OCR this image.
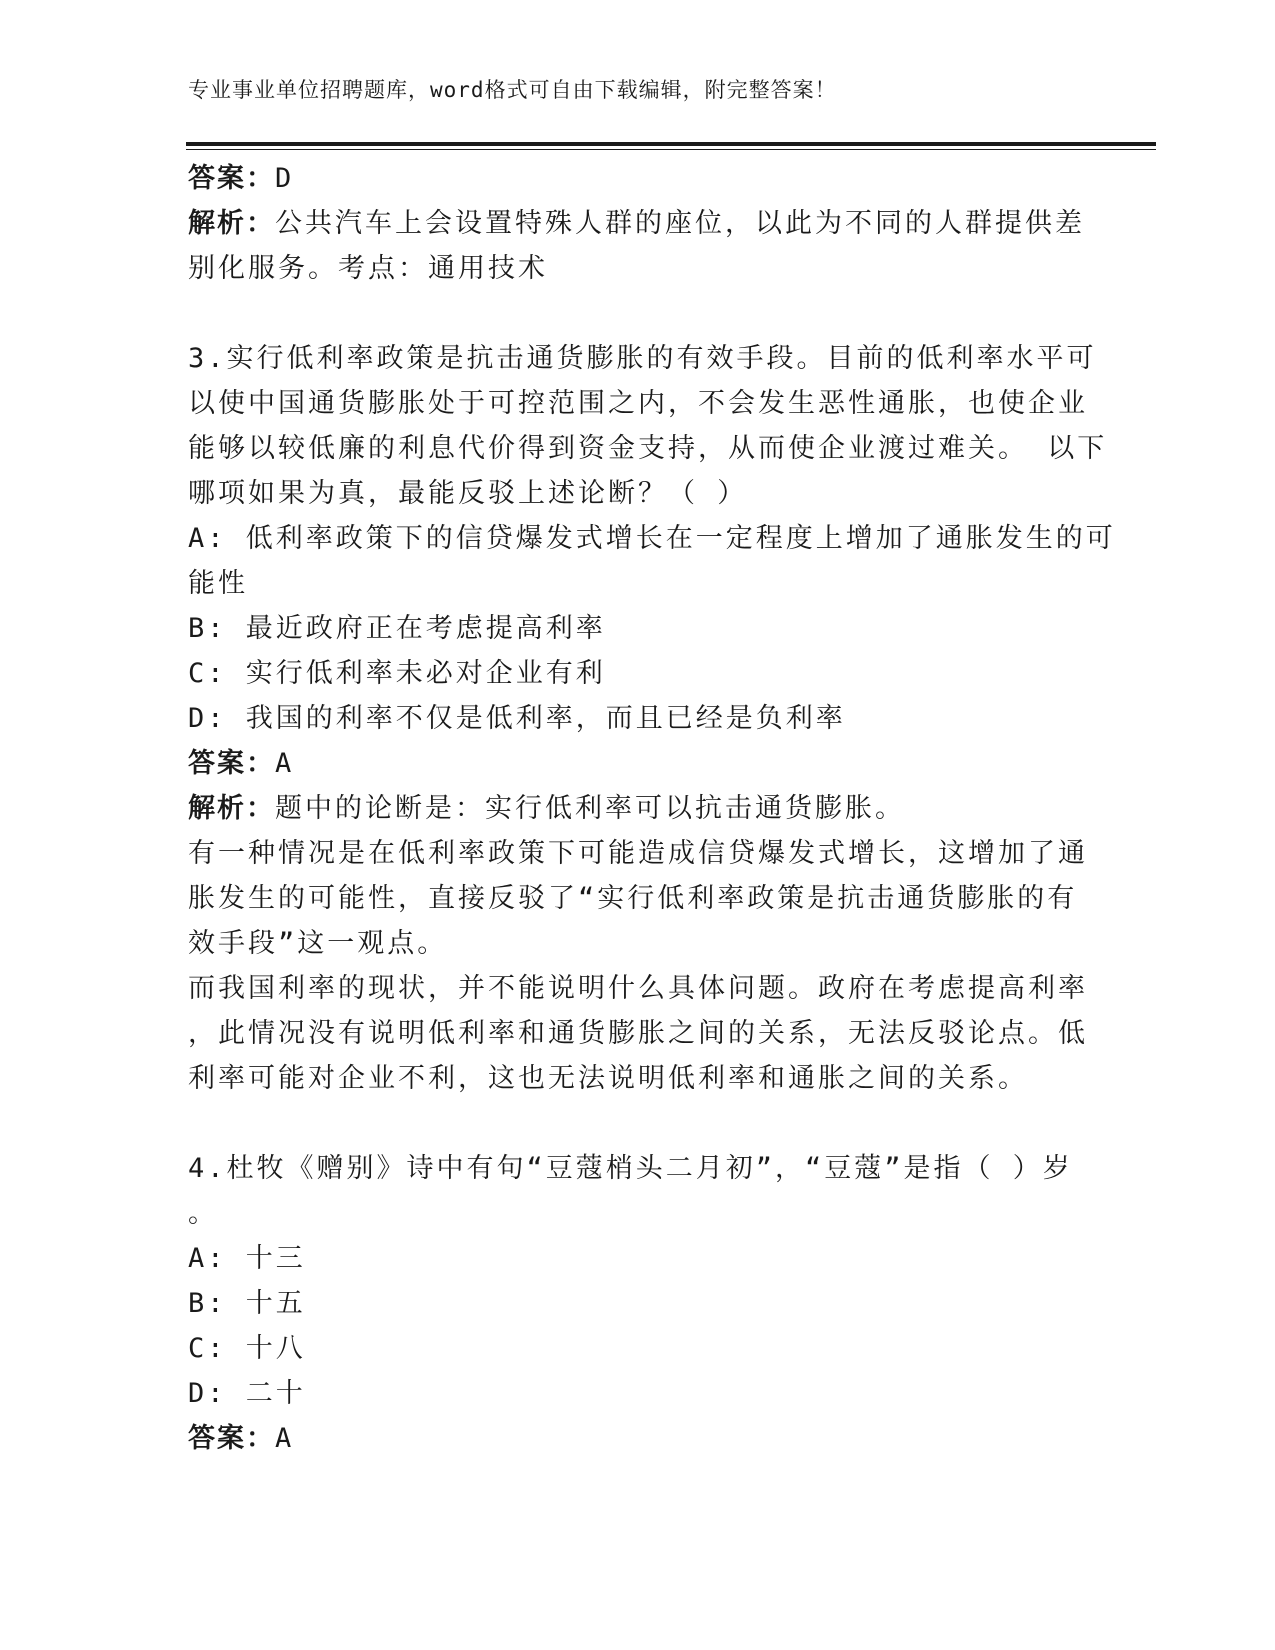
专业事业单位招聘题库，word格式可自由下载编辑，附完整答案！
答案：D
解析：公共汽车上会设置特殊人群的座位，以此为不同的人群提供差
别化服务。考点：通用技术
3.实行低利率政策是抗击通货膨胀的有效手段。目前的低利率水平可
以使中国通货膨胀处于可控范围之内，不会发生恶性通胀，也使企业
能够以较低廉的利息代价得到资金支持，从而使企业渡过难关。 以下
哪项如果为真，最能反驳上述论断？（ ）
A: 低利率政策下的信贷爆发式增长在一定程度上增加了通胀发生的可
能性
B: 最近政府正在考虑提高利率
C: 实行低利率未必对企业有利
D: 我国的利率不仅是低利率，而且已经是负利率
答案：A
解析：题中的论断是：实行低利率可以抗击通货膨胀。
有一种情况是在低利率政策下可能造成信贷爆发式增长，这增加了通
胀发生的可能性，直接反驳了“实行低利率政策是抗击通货膨胀的有
效手段”这一观点。
而我国利率的现状，并不能说明什么具体问题。政府在考虑提高利率
，此情况没有说明低利率和通货膨胀之间的关系，无法反驳论点。低
利率可能对企业不利，这也无法说明低利率和通胀之间的关系。
4.杜牧《赠别》诗中有句“豆蔻梢头二月初”，“豆蔻”是指（ ）岁
。
A: 十三
B: 十五
C: 十八
D: 二十
答案：A
